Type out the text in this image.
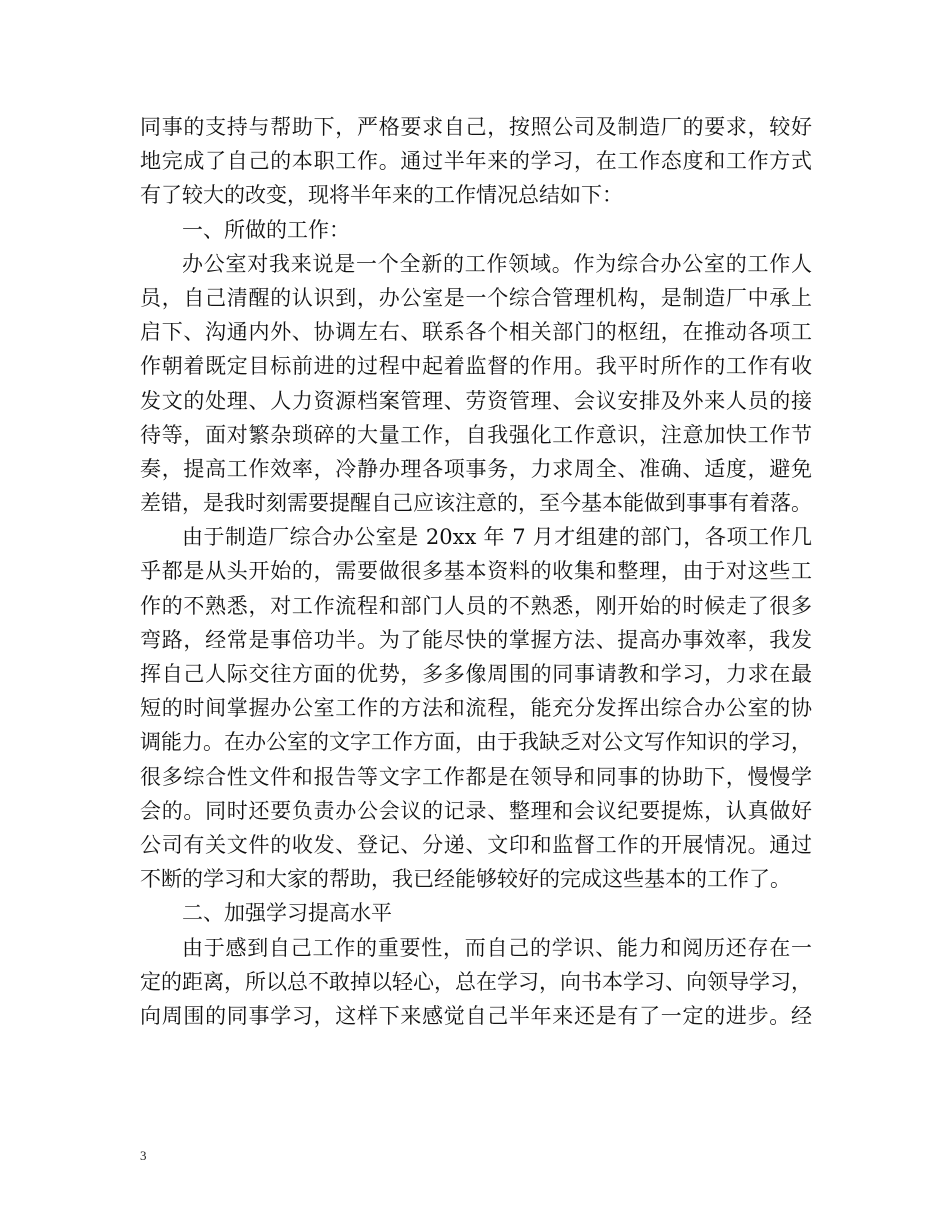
同事的支持与帮助下，严格要求自己，按照公司及制造厂的要求，较好
地完成了自己的本职工作。通过半年来的学习，在工作态度和工作方式
有了较大的改变，现将半年来的工作情况总结如下：
一、所做的工作：
办公室对我来说是一个全新的工作领域。作为综合办公室的工作人
员，自己清醒的认识到，办公室是一个综合管理机构，是制造厂中承上
启下、沟通内外、协调左右、联系各个相关部门的枢纽，在推动各项工
作朝着既定目标前进的过程中起着监督的作用。我平时所作的工作有收
发文的处理、人力资源档案管理、劳资管理、会议安排及外来人员的接
待等，面对繁杂琐碎的大量工作，自我强化工作意识，注意加快工作节
奏，提高工作效率，冷静办理各项事务，力求周全、准确、适度，避免
差错，是我时刻需要提醒自己应该注意的，至今基本能做到事事有着落。
由于制造厂综合办公室是 20xx 年 7 月才组建的部门，各项工作几
乎都是从头开始的，需要做很多基本资料的收集和整理，由于对这些工
作的不熟悉，对工作流程和部门人员的不熟悉，刚开始的时候走了很多
弯路，经常是事倍功半。为了能尽快的掌握方法、提高办事效率，我发
挥自己人际交往方面的优势，多多像周围的同事请教和学习，力求在最
短的时间掌握办公室工作的方法和流程，能充分发挥出综合办公室的协
调能力。在办公室的文字工作方面，由于我缺乏对公文写作知识的学习，
很多综合性文件和报告等文字工作都是在领导和同事的协助下，慢慢学
会的。同时还要负责办公会议的记录、整理和会议纪要提炼，认真做好
公司有关文件的收发、登记、分递、文印和监督工作的开展情况。通过
不断的学习和大家的帮助，我已经能够较好的完成这些基本的工作了。
二、加强学习提高水平
由于感到自己工作的重要性，而自己的学识、能力和阅历还存在一
定的距离，所以总不敢掉以轻心，总在学习，向书本学习、向领导学习，
向周围的同事学习，这样下来感觉自己半年来还是有了一定的进步。经
3
